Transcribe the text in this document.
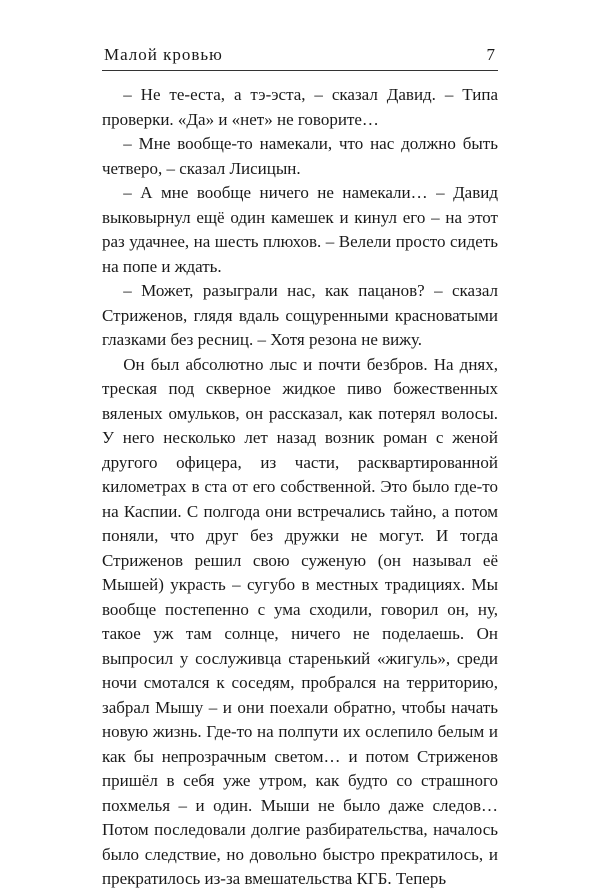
Малой кровью	7

– Не те-еста, а тэ-эста, – сказал Давид. – Типа проверки. «Да» и «нет» не говорите…

– Мне вообще-то намекали, что нас должно быть четверо, – сказал Лисицын.

– А мне вообще ничего не намекали… – Давид выковырнул ещё один камешек и кинул его – на этот раз удачнее, на шесть плюхов. – Велели просто сидеть на попе и ждать.

– Может, разыграли нас, как пацанов? – сказал Стриженов, глядя вдаль сощуренными красноватыми глазками без ресниц. – Хотя резона не вижу.

Он был абсолютно лыс и почти безбров. На днях, треская под скверное жидкое пиво божественных вяленых омульков, он рассказал, как потерял волосы. У него несколько лет назад возник роман с женой другого офицера, из части, расквартированной километрах в ста от его собственной. Это было где-то на Каспии. С полгода они встречались тайно, а потом поняли, что друг без дружки не могут. И тогда Стриженов решил свою суженую (он называл её Мышей) украсть – сугубо в местных традициях. Мы вообще постепенно с ума сходили, говорил он, ну, такое уж там солнце, ничего не поделаешь. Он выпросил у сослуживца старенький «жигуль», среди ночи смотался к соседям, пробрался на территорию, забрал Мышу – и они поехали обратно, чтобы начать новую жизнь. Где-то на полпути их ослепило белым и как бы непрозрачным светом… и потом Стриженов пришёл в себя уже утром, как будто со страшного похмелья – и один. Мыши не было даже следов… Потом последовали долгие разбирательства, началось было следствие, но довольно быстро прекратилось, и прекратилось из-за вмешательства КГБ. Теперь
